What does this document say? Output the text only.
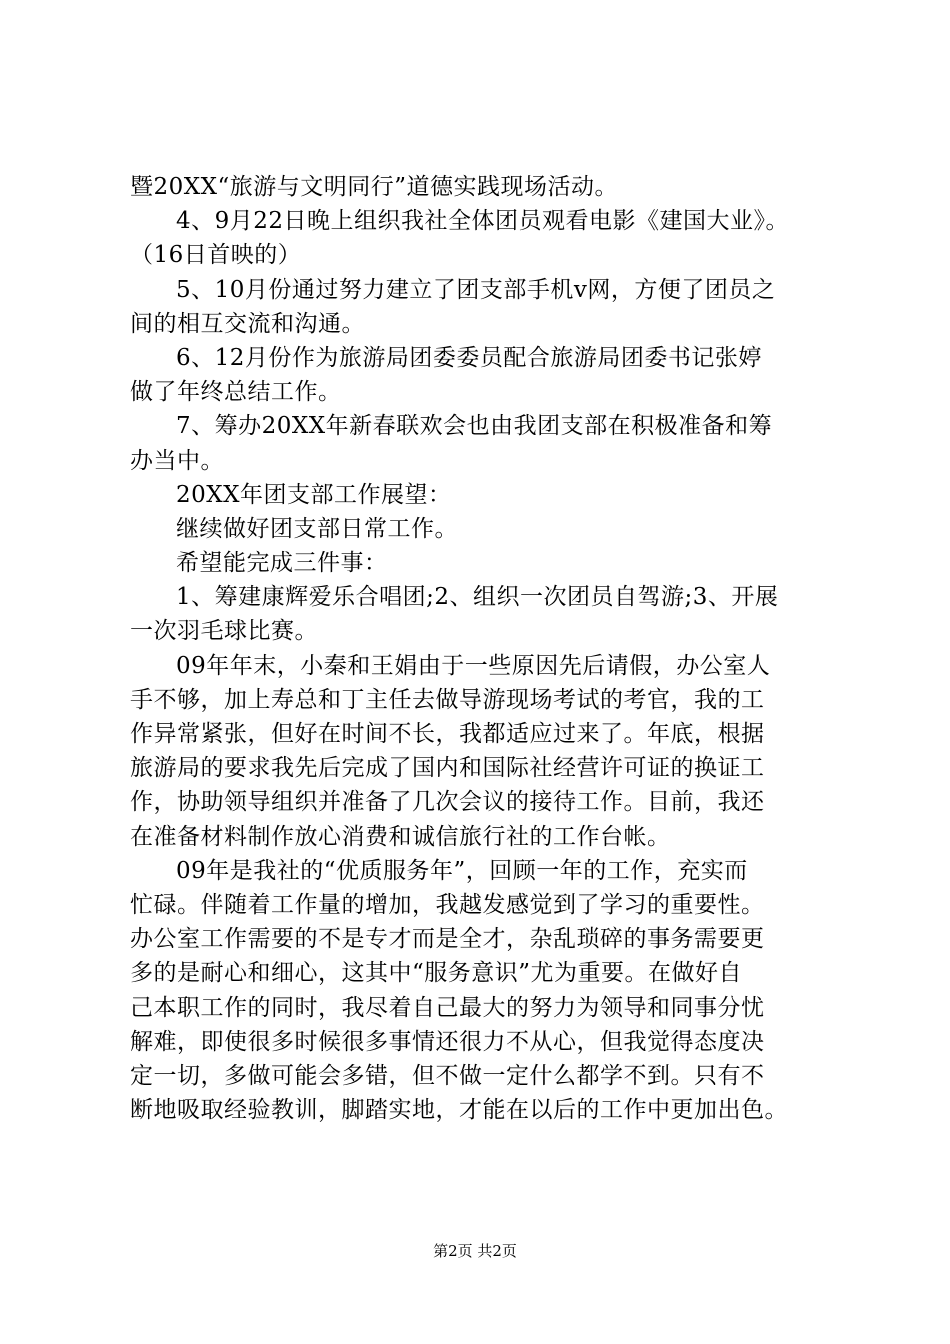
暨20XX“旅游与文明同行”道德实践现场活动。
4、9月22日晚上组织我社全体团员观看电影《建国大业》。
（16日首映的）
5、10月份通过努力建立了团支部手机v网，方便了团员之
间的相互交流和沟通。
6、12月份作为旅游局团委委员配合旅游局团委书记张婷
做了年终总结工作。
7、筹办20XX年新春联欢会也由我团支部在积极准备和筹
办当中。
20XX年团支部工作展望：
继续做好团支部日常工作。
希望能完成三件事：
1、筹建康辉爱乐合唱团;2、组织一次团员自驾游;3、开展
一次羽毛球比赛。
09年年末，小秦和王娟由于一些原因先后请假，办公室人
手不够，加上寿总和丁主任去做导游现场考试的考官，我的工
作异常紧张，但好在时间不长，我都适应过来了。年底，根据
旅游局的要求我先后完成了国内和国际社经营许可证的换证工
作，协助领导组织并准备了几次会议的接待工作。目前，我还
在准备材料制作放心消费和诚信旅行社的工作台帐。
09年是我社的“优质服务年”，回顾一年的工作，充实而
忙碌。伴随着工作量的增加，我越发感觉到了学习的重要性。
办公室工作需要的不是专才而是全才，杂乱琐碎的事务需要更
多的是耐心和细心，这其中“服务意识”尤为重要。在做好自
己本职工作的同时，我尽着自己最大的努力为领导和同事分忧
解难，即使很多时候很多事情还很力不从心，但我觉得态度决
定一切，多做可能会多错，但不做一定什么都学不到。只有不
断地吸取经验教训，脚踏实地，才能在以后的工作中更加出色。
第2页 共2页
